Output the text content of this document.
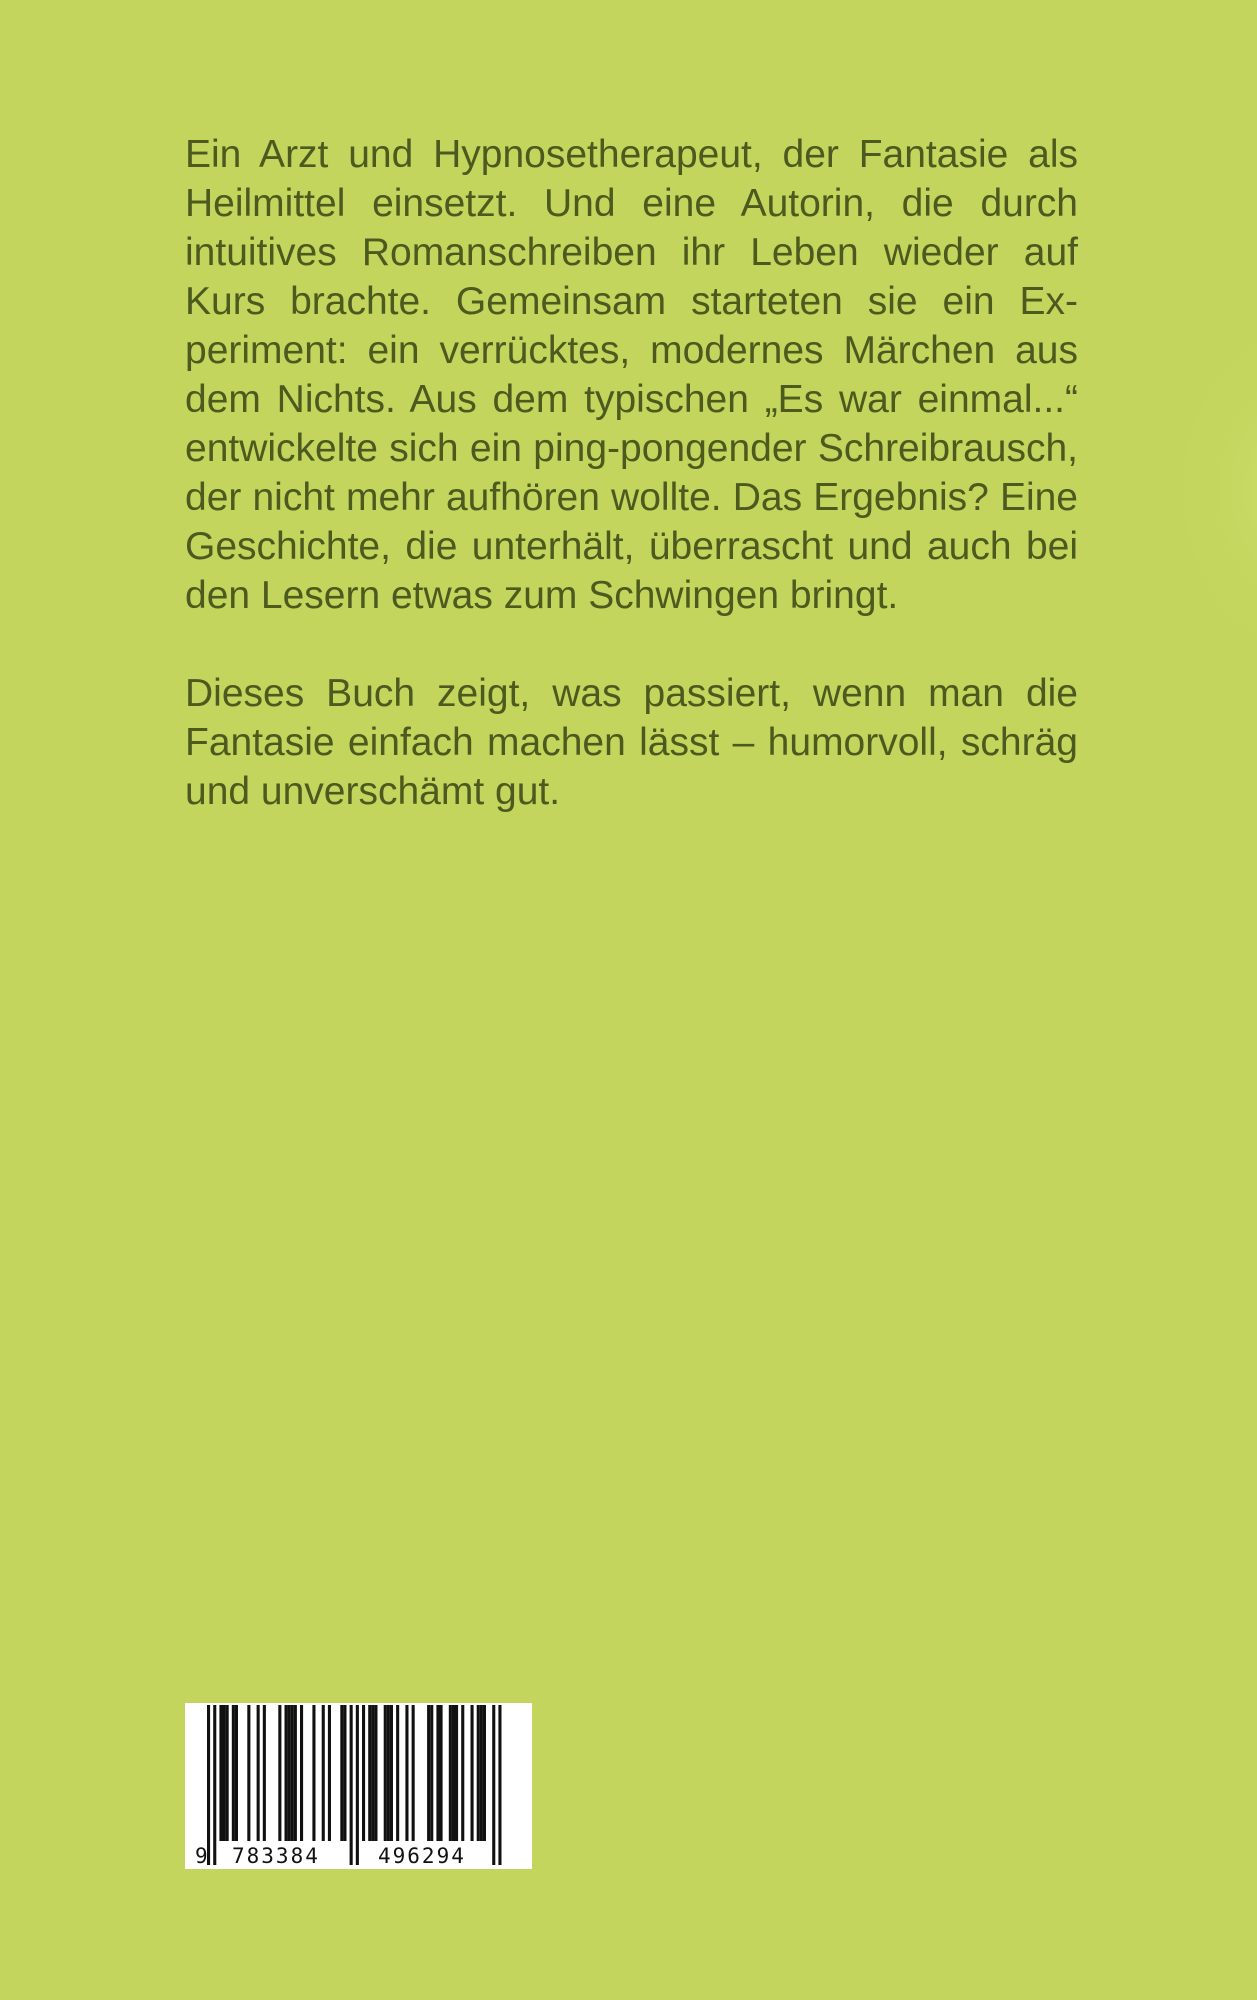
Ein Arzt und Hypnosetherapeut, der Fantasie als Heilmittel einsetzt. Und eine Autorin, die durch intuitives Romanschreiben ihr Leben wieder auf Kurs brachte. Gemeinsam starteten sie ein Experiment: ein verrücktes, modernes Märchen aus dem Nichts. Aus dem typischen „Es war einmal...“ entwickelte sich ein ping-pongender Schreibrausch, der nicht mehr aufhören wollte. Das Ergebnis? Eine Geschichte, die unterhält, überrascht und auch bei den Lesern etwas zum Schwingen bringt.

Dieses Buch zeigt, was passiert, wenn man die Fantasie einfach machen lässt – humorvoll, schräg und unverschämt gut.

9 783384	496294
